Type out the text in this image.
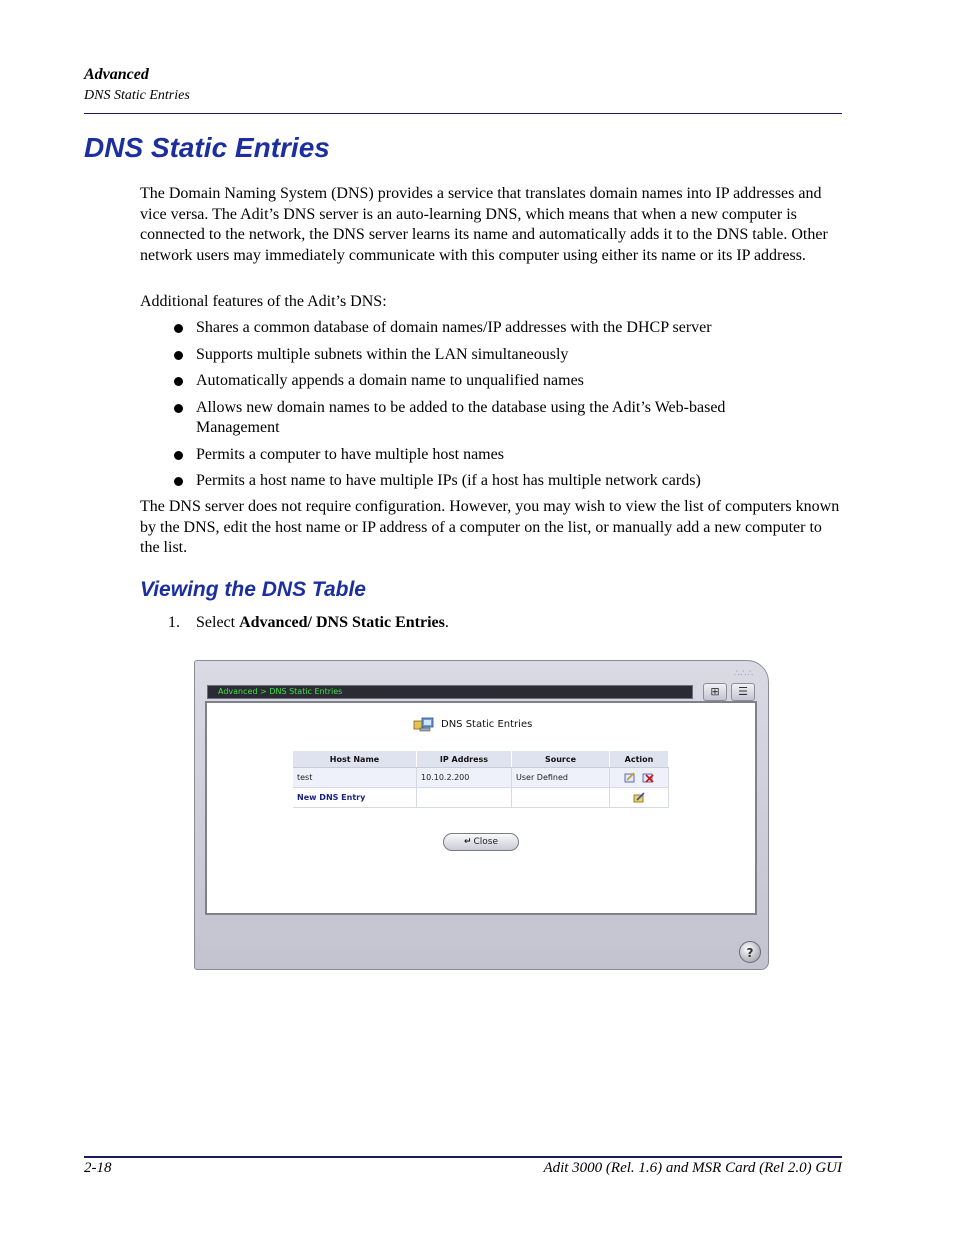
Advanced
DNS Static Entries
DNS Static Entries

The Domain Naming System (DNS) provides a service that translates domain names into IP addresses and vice versa. The Adit’s DNS server is an auto-learning DNS, which means that when a new computer is connected to the network, the DNS server learns its name and automatically adds it to the DNS table. Other network users may immediately communicate with this computer using either its name or its IP address.

Additional features of the Adit’s DNS:

Shares a common database of domain names/IP addresses with the DHCP server
Supports multiple subnets within the LAN simultaneously
Automatically appends a domain name to unqualified names
Allows new domain names to be added to the database using the Adit’s Web-based Management
Permits a computer to have multiple host names
Permits a host name to have multiple IPs (if a host has multiple network cards)

The DNS server does not require configuration. However, you may wish to view the list of computers known by the DNS, edit the host name or IP address of a computer on the list, or manually add a new computer to the list.

Viewing the DNS Table
1. Select Advanced/ DNS Static Entries.
∴∴∴
Advanced > DNS Static Entries	⊞	☰
DNS Static Entries
Host Name	IP Address	Source	Action
test	10.10.2.200	User Defined	
New DNS Entry			
↵ Close
?
2-18	Adit 3000 (Rel. 1.6) and MSR Card (Rel 2.0) GUI
